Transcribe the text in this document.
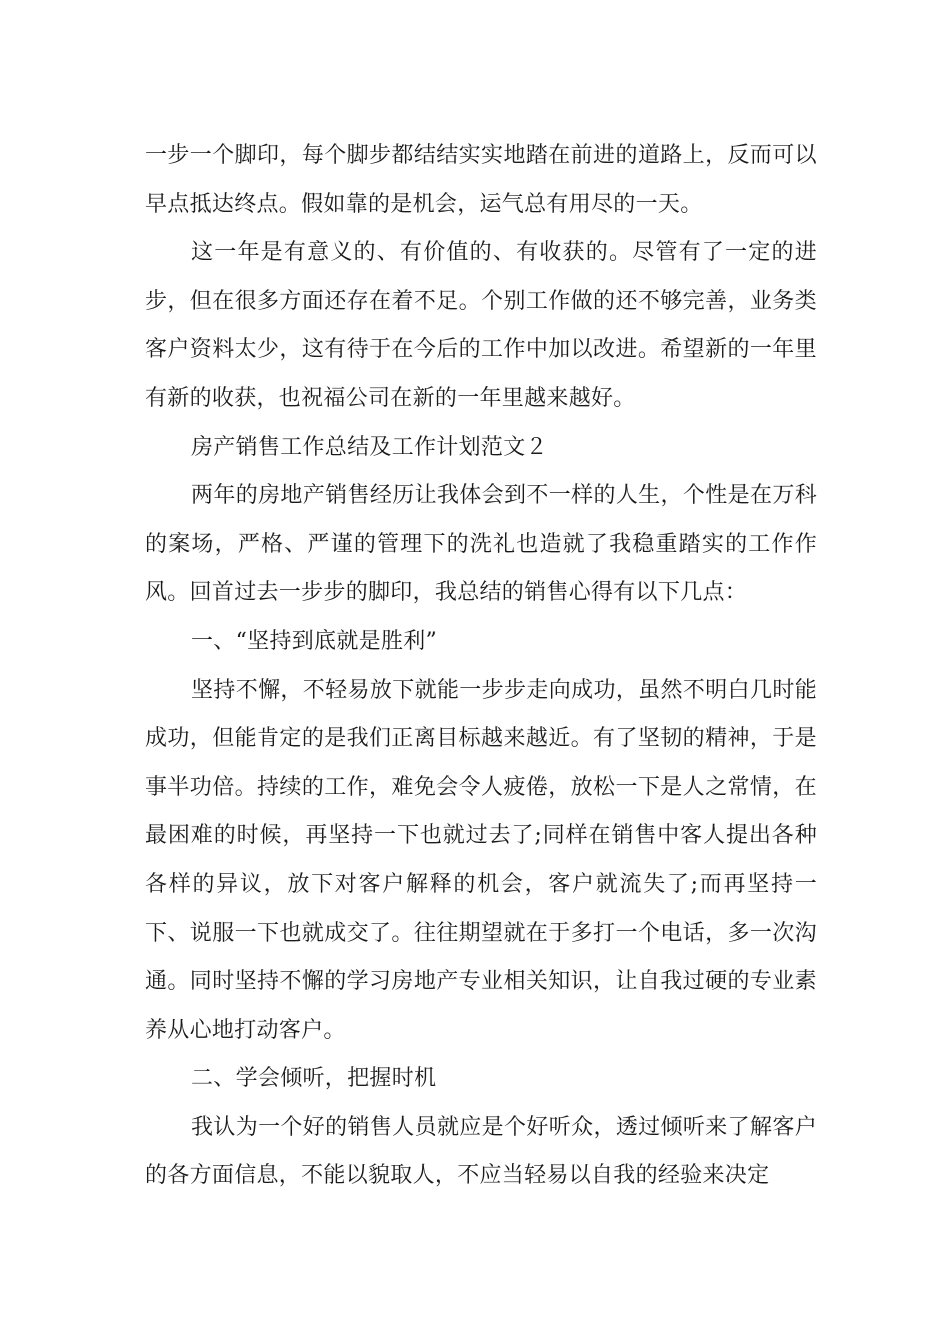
一步一个脚印，每个脚步都结结实实地踏在前进的道路上，反而可以早点抵达终点。假如靠的是机会，运气总有用尽的一天。

这一年是有意义的、有价值的、有收获的。尽管有了一定的进步，但在很多方面还存在着不足。个别工作做的还不够完善，业务类客户资料太少，这有待于在今后的工作中加以改进。希望新的一年里有新的收获，也祝福公司在新的一年里越来越好。

房产销售工作总结及工作计划范文２

两年的房地产销售经历让我体会到不一样的人生，个性是在万科的案场，严格、严谨的管理下的洗礼也造就了我稳重踏实的工作作风。回首过去一步步的脚印，我总结的销售心得有以下几点：

一、“坚持到底就是胜利”

坚持不懈，不轻易放下就能一步步走向成功，虽然不明白几时能成功，但能肯定的是我们正离目标越来越近。有了坚韧的精神，于是事半功倍。持续的工作，难免会令人疲倦，放松一下是人之常情，在最困难的时候，再坚持一下也就过去了;同样在销售中客人提出各种各样的异议，放下对客户解释的机会，客户就流失了;而再坚持一下、说服一下也就成交了。往往期望就在于多打一个电话，多一次沟通。同时坚持不懈的学习房地产专业相关知识，让自我过硬的专业素养从心地打动客户。

二、学会倾听，把握时机

我认为一个好的销售人员就应是个好听众，透过倾听来了解客户的各方面信息，不能以貌取人，不应当轻易以自我的经验来决定
